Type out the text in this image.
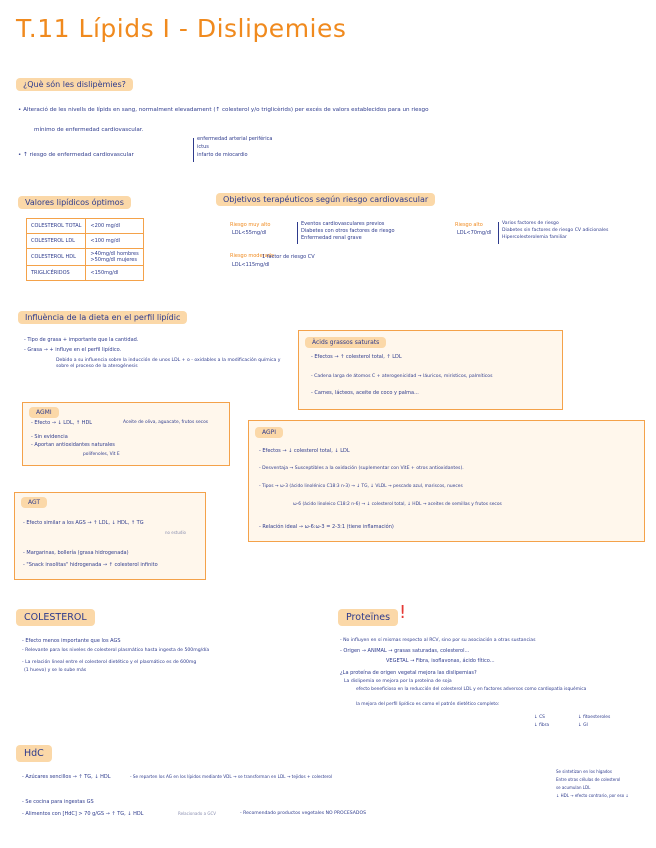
T.11 Lípids I - Dislipemies
¿Què són les dislipèmies?
• Alteració de les nivells de lípids en sang, normalment elevadament (↑ colesterol y/o triglicèrids) per excés de valors establecidos para un riesgo
mínimo de enfermedad cardiovascular.
• ↑ riesgo de enfermedad cardiovascular
enfermedad arterial periférica
ictus
infarto de miocardio
Valores lipídicos óptimos
COLESTEROL TOTAL	<200 mg/dl
COLESTEROL LDL	<100 mg/dl
COLESTEROL HDL	>40mg/dl hombres
>50mg/dl mujeres
TRIGLICÉRIDOS	<150mg/dl
Objetivos terapéuticos según riesgo cardiovascular
Riesgo muy alto
LDL<55mg/dl
Eventos cardiovasculares previos
Diabetes con otros factores de riesgo
Enfermedad renal grave
Riesgo moderado
LDL<115mg/dl
1 factor de riesgo CV
Riesgo alto
LDL<70mg/dl
Varios factores de riesgo
Diabetes sin factores de riesgo CV adicionales
Hipercolesterolemia familiar
Influència de la dieta en el perfil lipídic
- Tipo de grasa + importante que la cantidad.
- Grasa → + influye en el perfil lipídico.
Debido a su influencia sobre la inducción de unos LDL + o - oxidables a la modificación química y sobre el proceso de la aterogénesis
Àcids grassos saturats
- Efectos → ↑ colesterol total, ↑ LDL
- Cadena larga de átomos C + aterogenicidad → láuricos, mirísticos, palmíticos
- Carnes, lácteos, aceite de coco y palma...
AGMI
- Efecto → ↓ LDL, ↑ HDL	Aceite de oliva, aguacate, frutos secos
- Sin evidencia
- Aportan antioxidantes naturales
polifenoles, Vit E
AGPI
- Efectos → ↓ colesterol total, ↓ LDL
- Desventaja → Susceptibles a la oxidación (suplementar con VitE + otros antioxidantes).
- Tipos → ω-3 (ácido linolénico C18:3 n-3) → ↓ TG, ↓ VLDL → pescado azul, mariscos, nueces
ω-6 (ácido linoleico C18:2 n-6) → ↓ colesterol total, ↓ HDL → aceites de semillas y frutos secos
- Relación ideal → ω-6:ω-3 = 2-3:1 (tiene inflamación)
AGT
- Efecto similar a los AGS → ↑ LDL, ↓ HDL, ↑ TG
no estudio
- Margarinas, bollería (grasa hidrogenada)
- "Snack insolitas" hidrogenada → ↑ colesterol infinito
COLESTEROL
- Efecto menos importante que los AGS
- Relevante para los niveles de colesterol plasmático hasta ingesta de 500mg/día
- La relación lineal entre el colesterol dietético y el plasmático es de 600mg
(1 huevo) y se lo sube más
Proteïnes !
- No influyen en sí mismas respecto al RCV, sino por su asociación a otras sustancias
- Origen → ANIMAL → grasas saturadas, colesterol...
VEGETAL → Fibra, isoflavonas, ácido fítico...
¿La proteína de origen vegetal mejora las dislipemias?
La dislipemia se mejora por la proteína de soja
efecto beneficioso en la reducción del colesterol LDL y en factores adversos como cardiopatía isquémica
la mejora del perfil lipídico es como el patrón dietético completo:
↓ CS
↓ fibra
↓ fitoesteroles
↓ GI
HdC
- Azúcares sencillos → ↑ TG, ↓ HDL	- Se reparten los AG en los lípidos mediante VDL → se transforman en LDL → tejidos + colesterol
Se sintetizan en los hígados
Entre otras células de colesterol
se acumulan LDL
↓ HDL → efecto contrario, por eso ↓
- Se cocina para ingestas GS
- Alimentos con [HdC] > 70 g/GS → ↑ TG, ↓ HDL	Relacionado a GCV	- Recomendado productos vegetales NO PROCESADOS
